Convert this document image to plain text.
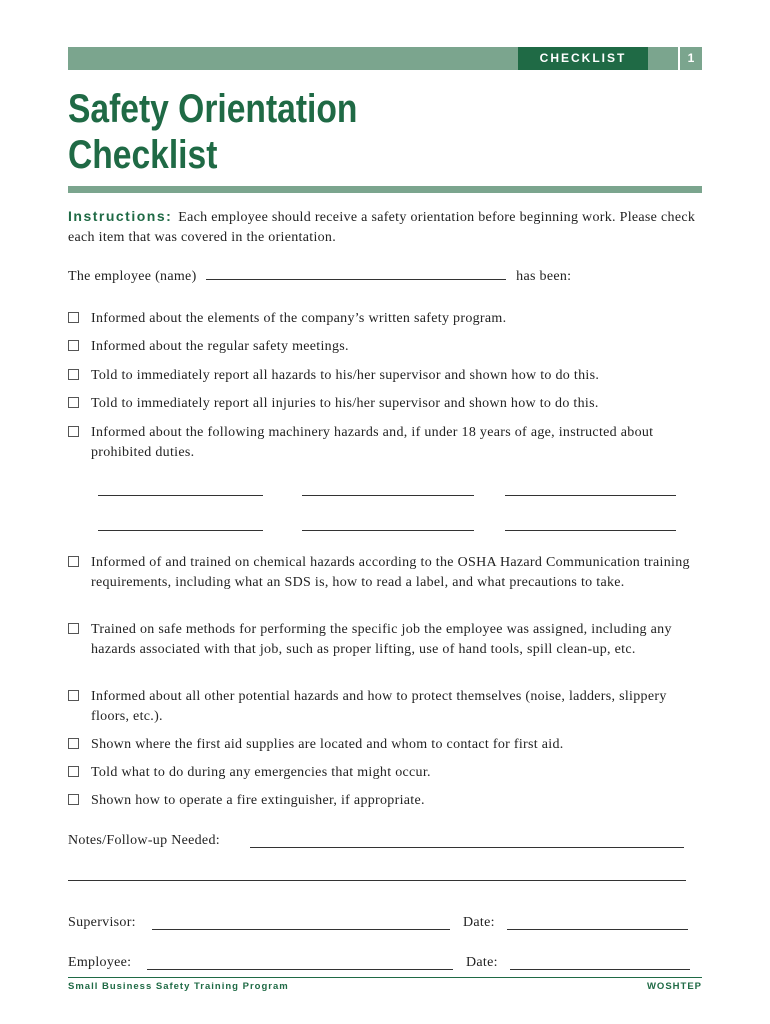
CHECKLIST	1
Safety Orientation
Checklist
Instructions: Each employee should receive a safety orientation before beginning work. Please check each item that was covered in the orientation.
The employee (name)	has been:
Informed about the elements of the company’s written safety program.
Informed about the regular safety meetings.
Told to immediately report all hazards to his/her supervisor and shown how to do this.
Told to immediately report all injuries to his/her supervisor and shown how to do this.
Informed about the following machinery hazards and, if under 18 years of age, instructed about prohibited duties.
Informed of and trained on chemical hazards according to the OSHA Hazard Communication training requirements, including what an SDS is, how to read a label, and what precautions to take.
Trained on safe methods for performing the specific job the employee was assigned, including any hazards associated with that job, such as proper lifting, use of hand tools, spill clean-up, etc.
Informed about all other potential hazards and how to protect themselves (noise, ladders, slippery floors, etc.).
Shown where the first aid supplies are located and whom to contact for first aid.
Told what to do during any emergencies that might occur.
Shown how to operate a fire extinguisher, if appropriate.
Notes/Follow-up Needed:
Supervisor:	Date:
Employee:	Date:
Small Business Safety Training Program	WOSHTEP
